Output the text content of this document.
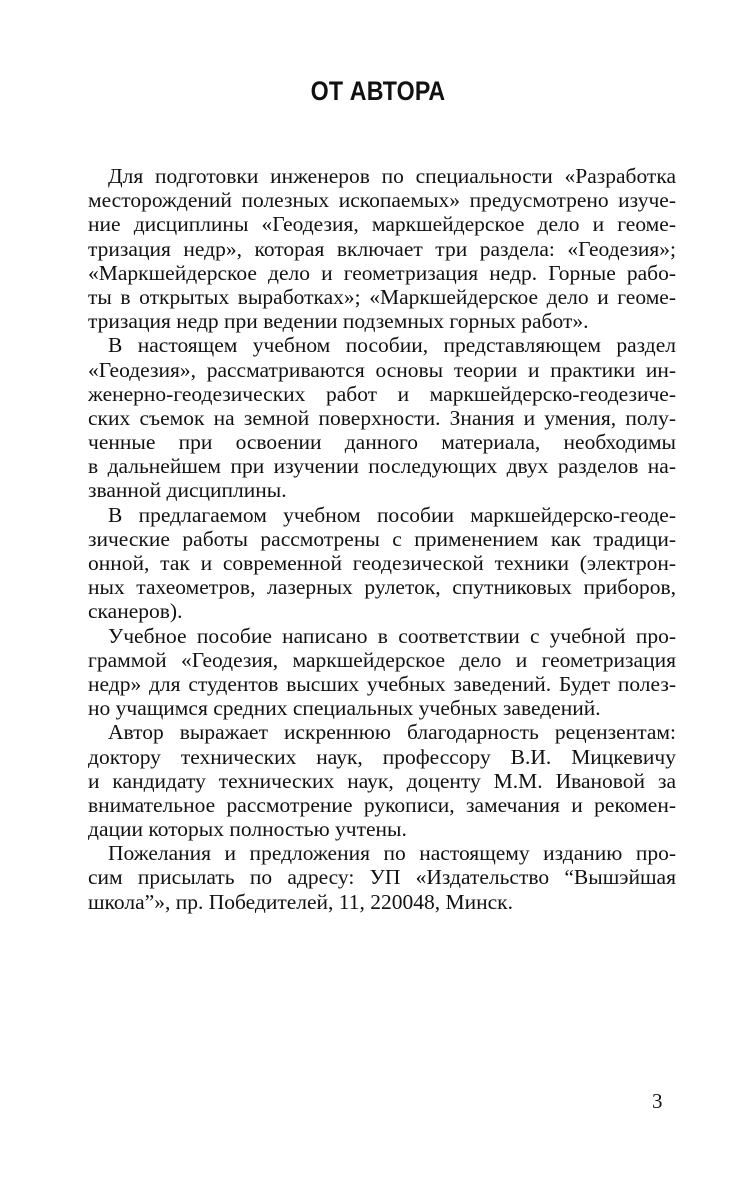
ОТ АВТОРА
Для подготовки инженеров по специальности «Разработка
месторождений полезных ископаемых» предусмотрено изуче-
ние дисциплины «Геодезия, маркшейдерское дело и геоме-
тризация недр», которая включает три раздела: «Геодезия»;
«Маркшейдерское дело и геометризация недр. Горные рабо-
ты в открытых выработках»; «Маркшейдерское дело и геоме-
тризация недр при ведении подземных горных работ».
В настоящем учебном пособии, представляющем раздел
«Геодезия», рассматриваются основы теории и практики ин-
женерно-геодезических работ и маркшейдерско-геодезиче-
ских съемок на земной поверхности. Знания и умения, полу-
ченные при освоении данного материала, необходимы
в дальнейшем при изучении последующих двух разделов на-
званной дисциплины.
В предлагаемом учебном пособии маркшейдерско-геоде-
зические работы рассмотрены с применением как традици-
онной, так и современной геодезической техники (электрон-
ных тахеометров, лазерных рулеток, спутниковых приборов,
сканеров).
Учебное пособие написано в соответствии с учебной про-
граммой «Геодезия, маркшейдерское дело и геометризация
недр» для студентов высших учебных заведений. Будет полез-
но учащимся средних специальных учебных заведений.
Автор выражает искреннюю благодарность рецензентам:
доктору технических наук, профессору В.И. Мицкевичу
и кандидату технических наук, доценту М.М. Ивановой за
внимательное рассмотрение рукописи, замечания и рекомен-
дации которых полностью учтены.
Пожелания и предложения по настоящему изданию про-
сим присылать по адресу: УП «Издательство “Вышэйшая
школа”», пр. Победителей, 11, 220048, Минск.
3
